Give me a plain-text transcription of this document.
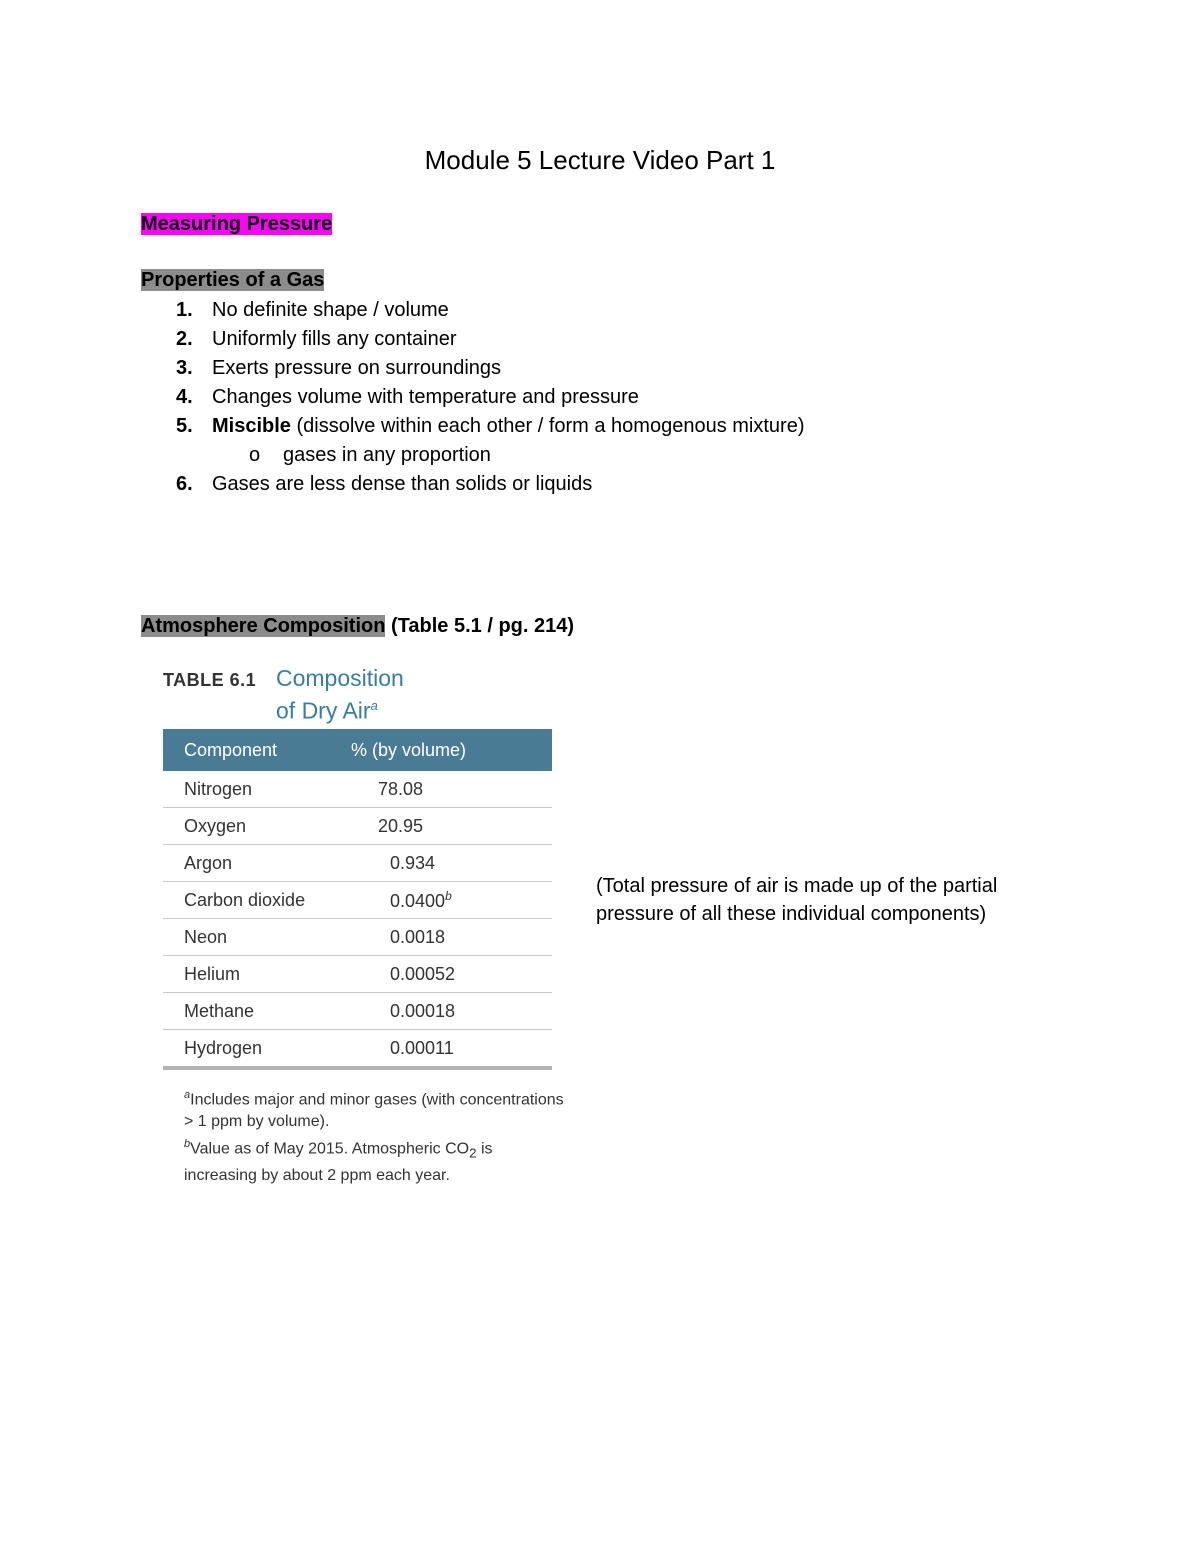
Module 5 Lecture Video Part 1
Measuring Pressure
Properties of a Gas
1. No definite shape / volume
2. Uniformly fills any container
3. Exerts pressure on surroundings
4. Changes volume with temperature and pressure
5. Miscible (dissolve within each other / form a homogenous mixture)
o gases in any proportion
6. Gases are less dense than solids or liquids
Atmosphere Composition (Table 5.1 / pg. 214)
TABLE 6.1 Composition
of Dry Air$^a$
Component	% (by volume)
Nitrogen	78.08
Oxygen	20.95
Argon	0.934
Carbon dioxide	0.0400$^b$
Neon	0.0018
Helium	0.00052
Methane	0.00018
Hydrogen	0.00011
$^a$Includes major and minor gases (with concentrations > 1 ppm by volume).
$^b$Value as of May 2015. Atmospheric $CO_2$ is increasing by about 2 ppm each year.
(Total pressure of air is made up of the partial pressure of all these individual components)
